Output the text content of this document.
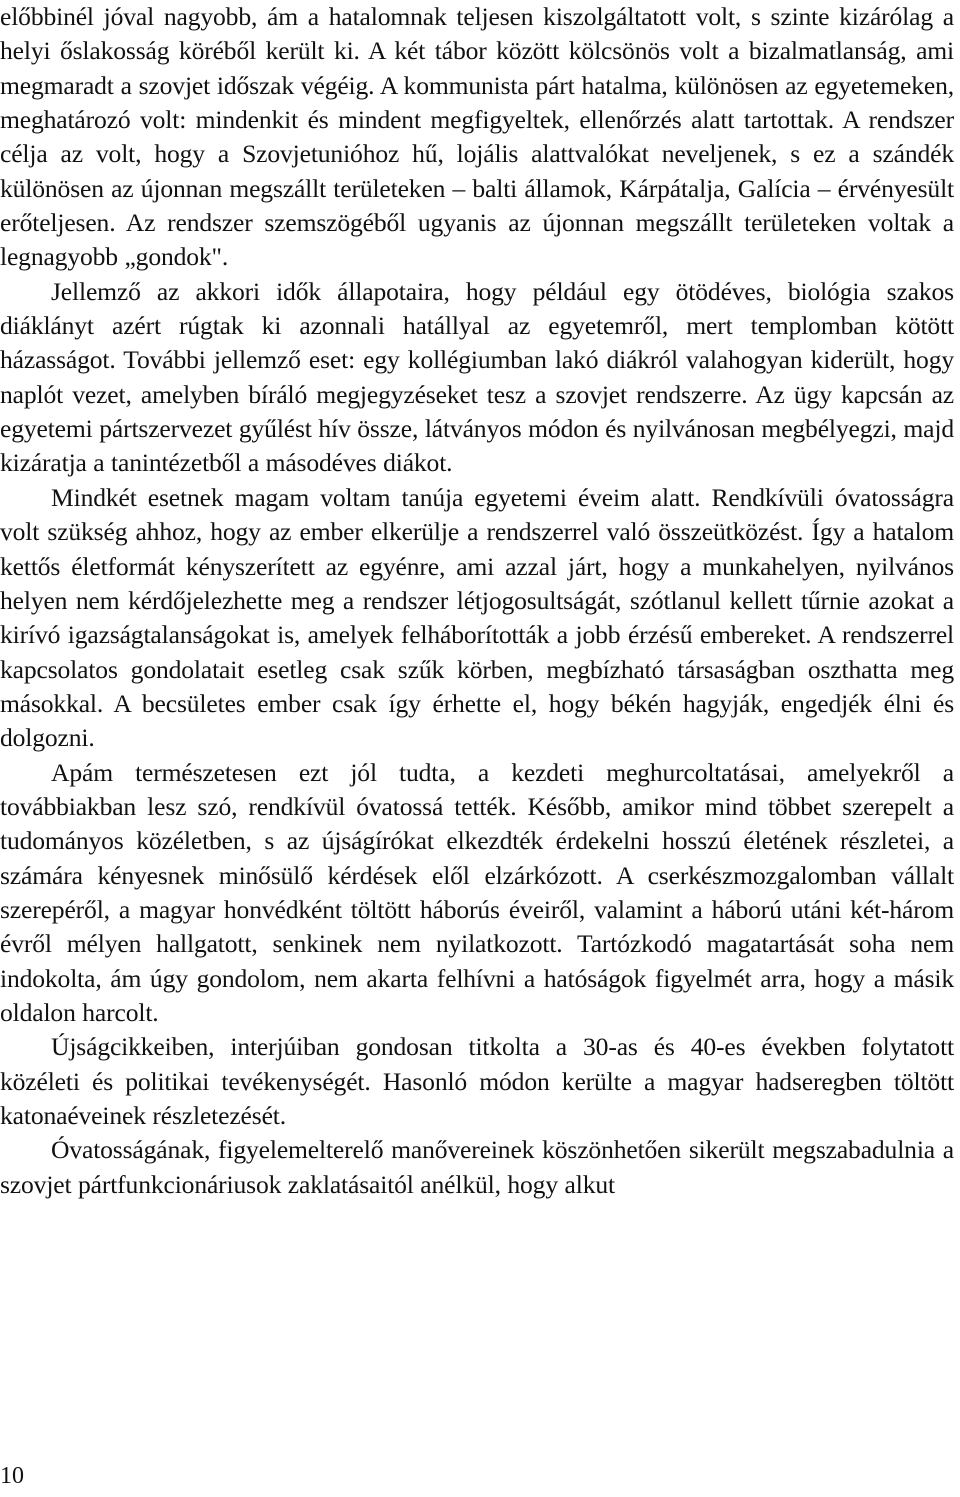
előbbinél jóval nagyobb, ám a hatalomnak teljesen kiszolgáltatott volt, s szinte kizárólag a helyi őslakosság köréből került ki. A két tábor között kölcsönös volt a bizalmatlanság, ami megmaradt a szovjet időszak végéig. A kommunista párt hatalma, különösen az egyetemeken, meghatározó volt: mindenkit és mindent megfigyeltek, ellenőrzés alatt tartottak. A rendszer célja az volt, hogy a Szovjetunióhoz hű, lojális alattvalókat neveljenek, s ez a szándék különösen az újonnan megszállt területeken – balti államok, Kárpátalja, Galícia – érvényesült erőteljesen. Az rendszer szemszögéből ugyanis az újonnan megszállt területeken voltak a legnagyobb „gondok".

Jellemző az akkori idők állapotaira, hogy például egy ötödéves, biológia szakos diáklányt azért rúgtak ki azonnali hatállyal az egyetemről, mert templomban kötött házasságot. További jellemző eset: egy kollégiumban lakó diákról valahogyan kiderült, hogy naplót vezet, amelyben bíráló megjegyzéseket tesz a szovjet rendszerre. Az ügy kapcsán az egyetemi pártszervezet gyűlést hív össze, látványos módon és nyilvánosan megbélyegzi, majd kizáratja a tanintézetből a másodéves diákot.

Mindkét esetnek magam voltam tanúja egyetemi éveim alatt. Rendkívüli óvatosságra volt szükség ahhoz, hogy az ember elkerülje a rendszerrel való összeütközést. Így a hatalom kettős életformát kényszerített az egyénre, ami azzal járt, hogy a munkahelyen, nyilvános helyen nem kérdőjelezhette meg a rendszer létjogosultságát, szótlanul kellett tűrnie azokat a kirívó igazságtalanságokat is, amelyek felháborították a jobb érzésű embereket. A rendszerrel kapcsolatos gondolatait esetleg csak szűk körben, megbízható társaságban oszthatta meg másokkal. A becsületes ember csak így érhette el, hogy békén hagyják, engedjék élni és dolgozni.

Apám természetesen ezt jól tudta, a kezdeti meghurcoltatásai, amelyekről a továbbiakban lesz szó, rendkívül óvatossá tették. Később, amikor mind többet szerepelt a tudományos közéletben, s az újságírókat elkezdték érdekelni hosszú életének részletei, a számára kényesnek minősülő kérdések elől elzárkózott. A cserkészmozgalomban vállalt szerepéről, a magyar honvédként töltött háborús éveiről, valamint a háború utáni két-három évről mélyen hallgatott, senkinek nem nyilatkozott. Tartózkodó magatartását soha nem indokolta, ám úgy gondolom, nem akarta felhívni a hatóságok figyelmét arra, hogy a másik oldalon harcolt.

Újságcikkeiben, interjúiban gondosan titkolta a 30-as és 40-es években folytatott közéleti és politikai tevékenységét. Hasonló módon kerülte a magyar hadseregben töltött katonaéveinek részletezését.

Óvatosságának, figyelemelterelő manővereinek köszönhetően sikerült megszabadulnia a szovjet pártfunkcionáriusok zaklatásaitól anélkül, hogy alkut

10
